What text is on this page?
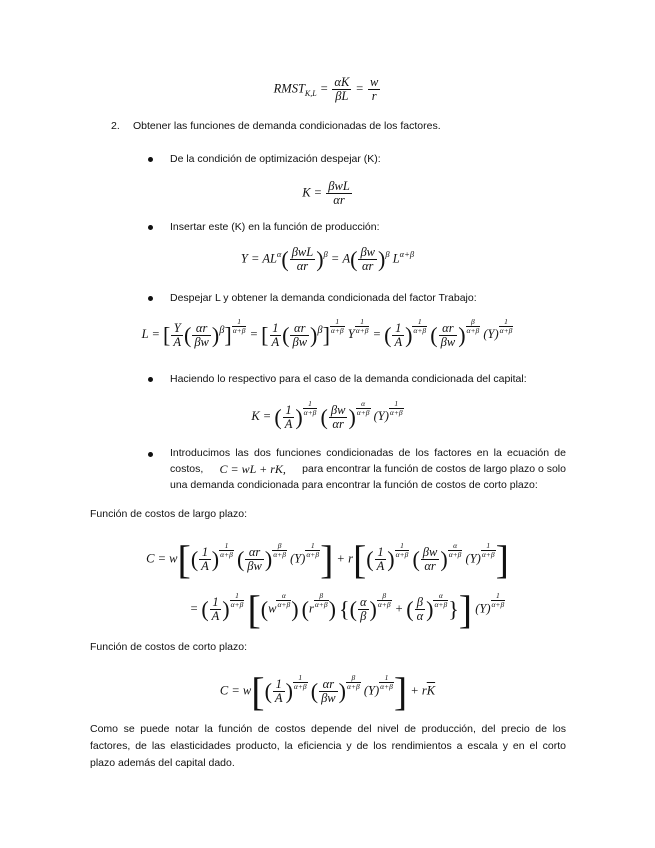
$RMST_{K,L} = \frac{\alpha K}{\beta L} = \frac{w}{r}$
2. Obtener las funciones de demanda condicionadas de los factores.
De la condición de optimización despejar (K):
$K = \frac{\text{βwL}}{\alpha r}$
Insertar este (K) en la función de producción:
$Y = AL^\alpha( \frac{\text{βwL}}{\alpha r} )^\beta = A( \frac{\beta w}{\alpha r} )^\beta$ $L^{\alpha+\beta}$
Despejar L y obtener la demanda condicionada del factor Trabajo:
L = [ $\frac{Y}{A}$ ( $\frac{\alpha r}{\beta w} )^\beta] \frac{1}{\alpha+\beta}$ = [ $\frac{1}{A}$ ( $\frac{\alpha r}{\beta w} )^\beta] \frac{1}{\alpha+\beta}$ Y $\frac{1}{\alpha+\beta}$ = ( $\frac{1}{A}$ ) $\frac{1}{\alpha+\beta}$ ( $\frac{\alpha r}{\beta w}$ ) $\frac{\beta}{\alpha+\beta} (Y) \frac{1}{\alpha+\beta}$
Haciendo lo respectivo para el caso de la demanda condicionada del capital:
K = ( $\frac{1}{A}$ ) $\frac{1}{\alpha+\beta}$ ( $\frac{\beta w}{\alpha r}$ ) $\frac{\alpha}{\alpha+\beta} (Y) \frac{1}{\alpha+\beta}$
Introducimos las dos funciones condicionadas de los factores en la ecuación de
costos, C = wL + rK, para encontrar la función de costos de largo plazo o solo
una demanda condicionada para encontrar la función de costos de corto plazo:
Función de costos de largo plazo:
$C = w[( \frac{1}{A}$ ) $\frac{1}{\alpha+\beta}$ ( $\frac{\alpha r}{\beta w}$ ) $\frac{\beta}{\alpha+\beta} (Y) \frac{1}{\alpha+\beta}$ ] + $r[( \frac{1}{A}$ ) $\frac{1}{\alpha+\beta}$ ( $\frac{\beta w}{\alpha r}$ ) $\frac{\alpha}{\alpha+\beta} (Y) \frac{1}{\alpha+\beta}$ ]
= ( $\frac{1}{A}$ ) $\frac{1}{\alpha+\beta} [(w \frac{\alpha}{\alpha+\beta}$ ) ($r \frac{\beta}{\alpha+\beta}$ ) {( $\frac{\alpha}{\beta}$ ) $\frac{\beta}{\alpha+\beta}$ + ( $\frac{\beta}{\alpha}$ ) $\frac{\alpha}{\alpha+\beta}$ }] $(Y) \frac{1}{\alpha+\beta}$
Función de costos de corto plazo:
$C = w[( \frac{1}{A}$ ) $\frac{1}{\alpha+\beta}$ ( $\frac{\alpha r}{\beta w}$ ) $\frac{\beta}{\alpha+\beta} (Y) \frac{1}{\alpha+\beta}$ ] + $r\overline{K}$
Como se puede notar la función de costos depende del nivel de producción, del precio de los
factores, de las elasticidades producto, la eficiencia y de los rendimientos a escala y en el corto
plazo además del capital dado.
